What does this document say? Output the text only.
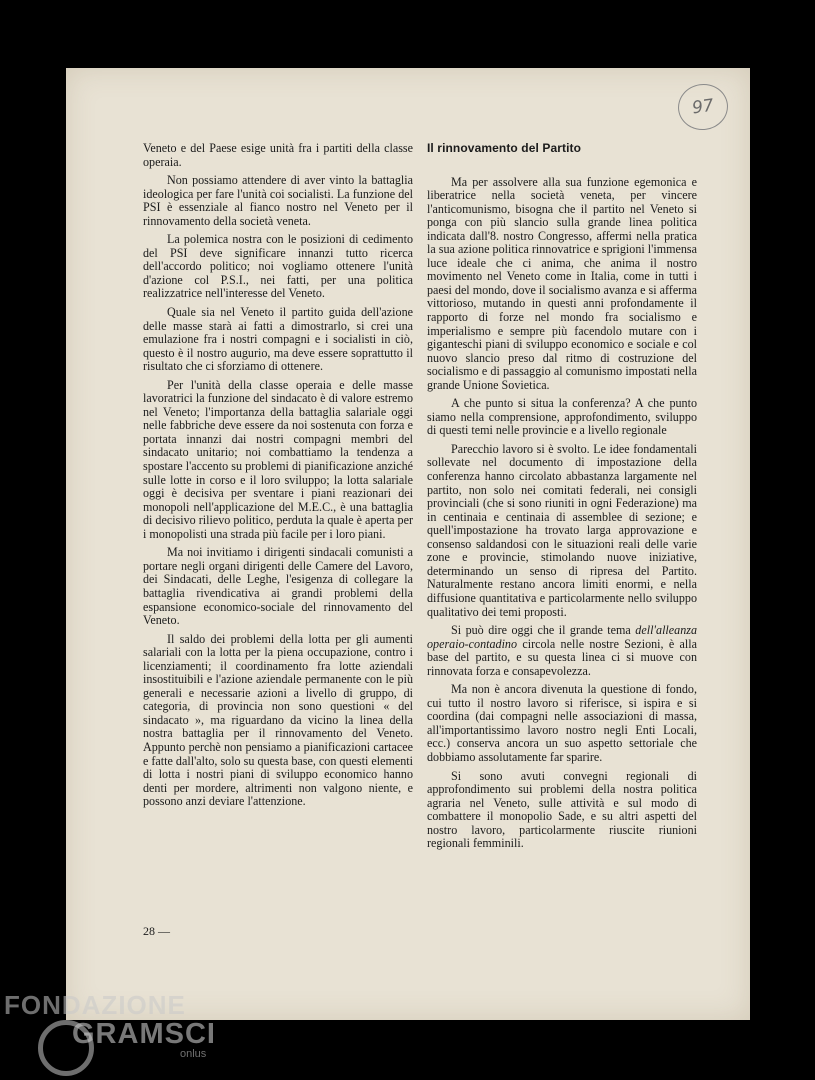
97

Veneto e del Paese esige unità fra i partiti della classe operaia.

Non possiamo attendere di aver vinto la battaglia ideologica per fare l'unità coi socialisti. La funzione del PSI è essenziale al fianco nostro nel Veneto per il rinnovamento della società veneta.

La polemica nostra con le posizioni di cedimento del PSI deve significare innanzi tutto ricerca dell'accordo politico; noi vogliamo ottenere l'unità d'azione col P.S.I., nei fatti, per una politica realizzatrice nell'interesse del Veneto.

Quale sia nel Veneto il partito guida dell'azione delle masse starà ai fatti a dimostrarlo, si crei una emulazione fra i nostri compagni e i socialisti in ciò, questo è il nostro augurio, ma deve essere soprattutto il risultato che ci sforziamo di ottenere.

Per l'unità della classe operaia e delle masse lavoratrici la funzione del sindacato è di valore estremo nel Veneto; l'importanza della battaglia salariale oggi nelle fabbriche deve essere da noi sostenuta con forza e portata innanzi dai nostri compagni membri del sindacato unitario; noi combattiamo la tendenza a spostare l'accento su problemi di pianificazione anziché sulle lotte in corso e il loro sviluppo; la lotta salariale oggi è decisiva per sventare i piani reazionari dei monopoli nell'applicazione del M.E.C., è una battaglia di decisivo rilievo politico, perduta la quale è aperta per i monopolisti una strada più facile per i loro piani.

Ma noi invitiamo i dirigenti sindacali comunisti a portare negli organi dirigenti delle Camere del Lavoro, dei Sindacati, delle Leghe, l'esigenza di collegare la battaglia rivendicativa ai grandi problemi della espansione economico-sociale del rinnovamento del Veneto.

Il saldo dei problemi della lotta per gli aumenti salariali con la lotta per la piena occupazione, contro i licenziamenti; il coordinamento fra lotte aziendali insostituibili e l'azione aziendale permanente con le più generali e necessarie azioni a livello di gruppo, di categoria, di provincia non sono questioni « del sindacato », ma riguardano da vicino la linea della nostra battaglia per il rinnovamento del Veneto. Appunto perchè non pensiamo a pianificazioni cartacee e fatte dall'alto, solo su questa base, con questi elementi di lotta i nostri piani di sviluppo economico hanno denti per mordere, altrimenti non valgono niente, e possono anzi deviare l'attenzione.

Il rinnovamento del Partito

Ma per assolvere alla sua funzione egemonica e liberatrice nella società veneta, per vincere l'anticomunismo, bisogna che il partito nel Veneto si ponga con più slancio sulla grande linea politica indicata dall'8. nostro Congresso, affermi nella pratica la sua azione politica rinnovatrice e sprigioni l'immensa luce ideale che ci anima, che anima il nostro movimento nel Veneto come in Italia, come in tutti i paesi del mondo, dove il socialismo avanza e si afferma vittorioso, mutando in questi anni profondamente il rapporto di forze nel mondo fra socialismo e imperialismo e sempre più facendolo mutare con i giganteschi piani di sviluppo economico e sociale e col nuovo slancio preso dal ritmo di costruzione del socialismo e di passaggio al comunismo impostati nella grande Unione Sovietica.

A che punto si situa la conferenza? A che punto siamo nella comprensione, approfondimento, sviluppo di questi temi nelle provincie e a livello regionale

Parecchio lavoro si è svolto. Le idee fondamentali sollevate nel documento di impostazione della conferenza hanno circolato abbastanza largamente nel partito, non solo nei comitati federali, nei consigli provinciali (che si sono riuniti in ogni Federazione) ma in centinaia e centinaia di assemblee di sezione; e quell'impostazione ha trovato larga approvazione e consenso saldandosi con le situazioni reali delle varie zone e provincie, stimolando nuove iniziative, determinando un senso di ripresa del Partito. Naturalmente restano ancora limiti enormi, e nella diffusione quantitativa e particolarmente nello sviluppo qualitativo dei temi proposti.

Si può dire oggi che il grande tema dell'alleanza operaio-contadino circola nelle nostre Sezioni, è alla base del partito, e su questa linea ci si muove con rinnovata forza e consapevolezza.

Ma non è ancora divenuta la questione di fondo, cui tutto il nostro lavoro si riferisce, si ispira e si coordina (dai compagni nelle associazioni di massa, all'importantissimo lavoro nostro negli Enti Locali, ecc.) conserva ancora un suo aspetto settoriale che dobbiamo assolutamente far sparire.

Si sono avuti convegni regionali di approfondimento sui problemi della nostra politica agraria nel Veneto, sulle attività e sul modo di combattere il monopolio Sade, e su altri aspetti del nostro lavoro, particolarmente riuscite riunioni regionali femminili.

28 —
FONDAZIONE
GRAMSCI
onlus
